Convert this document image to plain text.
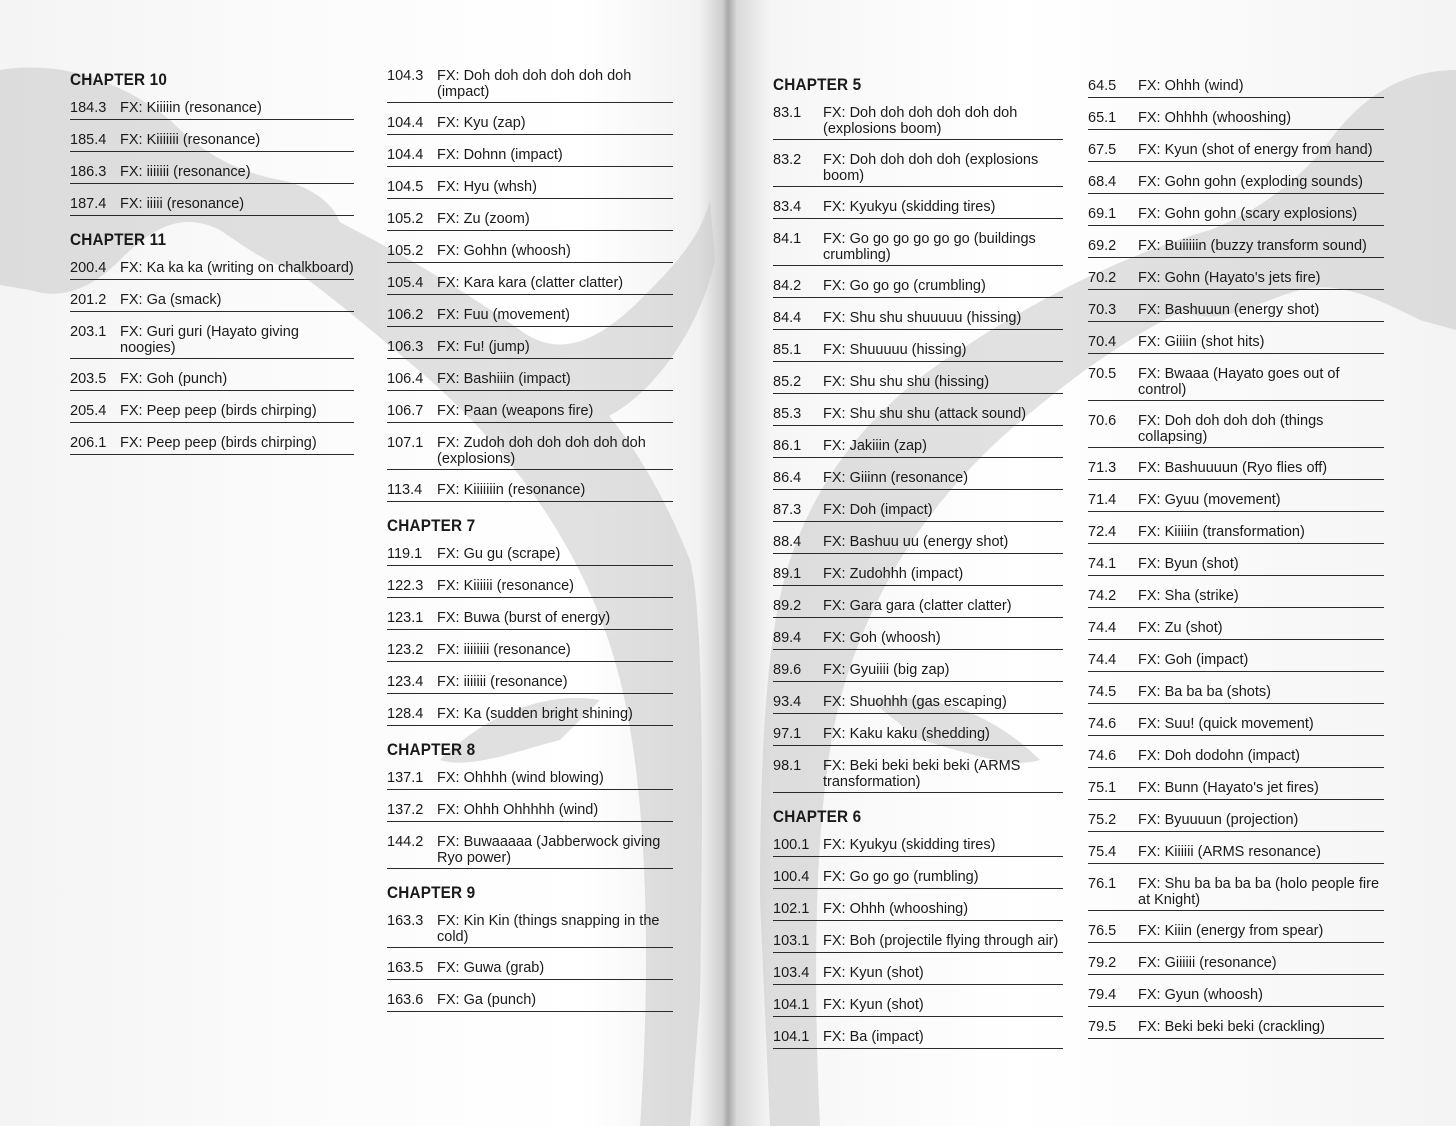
CHAPTER 10
184.3 FX: Kiiiiin (resonance)
185.4 FX: Kiiiiiii (resonance)
186.3 FX: iiiiiii (resonance)
187.4 FX: iiiii (resonance)
CHAPTER 11
200.4 FX: Ka ka ka (writing on chalkboard)
201.2 FX: Ga (smack)
203.1 FX: Guri guri (Hayato giving noogies)
203.5 FX: Goh (punch)
205.4 FX: Peep peep (birds chirping)
206.1 FX: Peep peep (birds chirping)
104.3 FX: Doh doh doh doh doh doh (impact)
104.4 FX: Kyu (zap)
104.4 FX: Dohnn (impact)
104.5 FX: Hyu (whsh)
105.2 FX: Zu (zoom)
105.2 FX: Gohhn (whoosh)
105.4 FX: Kara kara (clatter clatter)
106.2 FX: Fuu (movement)
106.3 FX: Fu! (jump)
106.4 FX: Bashiiin (impact)
106.7 FX: Paan (weapons fire)
107.1 FX: Zudoh doh doh doh doh doh (explosions)
113.4	FX: Kiiiiiiin (resonance)
CHAPTER 7
119.1	FX: Gu gu (scrape)
122.3 FX: Kiiiiii (resonance)
123.1 FX: Buwa (burst of energy)
123.2 FX: iiiiiiii (resonance)
123.4 FX: iiiiiii (resonance)
128.4 FX: Ka (sudden bright shining)
CHAPTER 8
137.1 FX: Ohhhh (wind blowing)
137.2 FX: Ohhh Ohhhhh (wind)
144.2 FX: Buwaaaaa (Jabberwock giving Ryo power)
CHAPTER 9
163.3 FX: Kin Kin (things snapping in the cold)
163.5 FX: Guwa (grab)
163.6 FX: Ga (punch)
CHAPTER 5
83.1	FX: Doh doh doh doh doh doh (explosions boom)
83.2	FX: Doh doh doh doh (explosions boom)
83.4	FX: Kyukyu (skidding tires)
84.1	FX: Go go go go go go (buildings crumbling)
84.2	FX: Go go go (crumbling)
84.4	FX: Shu shu shuuuuu (hissing)
85.1	FX: Shuuuuu (hissing)
85.2	FX: Shu shu shu (hissing)
85.3	FX: Shu shu shu (attack sound)
86.1	FX: Jakiiin (zap)
86.4	FX: Giiinn (resonance)
87.3	FX: Doh (impact)
88.4	FX: Bashuu uu (energy shot)
89.1	FX: Zudohhh (impact)
89.2	FX: Gara gara (clatter clatter)
89.4	FX: Goh (whoosh)
89.6	FX: Gyuiiii (big zap)
93.4	FX: Shuohhh (gas escaping)
97.1	FX: Kaku kaku (shedding)
98.1	FX: Beki beki beki beki (ARMS transformation)
CHAPTER 6
100.1 FX: Kyukyu (skidding tires)
100.4 FX: Go go go (rumbling)
102.1 FX: Ohhh (whooshing)
103.1 FX: Boh (projectile flying through air)
103.4 FX: Kyun (shot)
104.1 FX: Kyun (shot)
104.1 FX: Ba (impact)
64.5	FX: Ohhh (wind)
65.1	FX: Ohhhh (whooshing)
67.5	FX: Kyun (shot of energy from hand)
68.4	FX: Gohn gohn (exploding sounds)
69.1	FX: Gohn gohn (scary explosions)
69.2	FX: Buiiiiin (buzzy transform sound)
70.2	FX: Gohn (Hayato's jets fire)
70.3	FX: Bashuuun (energy shot)
70.4	FX: Giiiin (shot hits)
70.5	FX: Bwaaa (Hayato goes out of control)
70.6	FX: Doh doh doh doh (things collapsing)
71.3	FX: Bashuuuun (Ryo flies off)
71.4	FX: Gyuu (movement)
72.4	FX: Kiiiiin (transformation)
74.1	FX: Byun (shot)
74.2	FX: Sha (strike)
74.4	FX: Zu (shot)
74.4	FX: Goh (impact)
74.5	FX: Ba ba ba (shots)
74.6	FX: Suu! (quick movement)
74.6	FX: Doh dodohn (impact)
75.1	FX: Bunn (Hayato's jet fires)
75.2	FX: Byuuuun (projection)
75.4	FX: Kiiiiii (ARMS resonance)
76.1	FX: Shu ba ba ba ba (holo people fire at Knight)
76.5	FX: Kiiin (energy from spear)
79.2	FX: Giiiiii (resonance)
79.4	FX: Gyun (whoosh)
79.5	FX: Beki beki beki (crackling)
